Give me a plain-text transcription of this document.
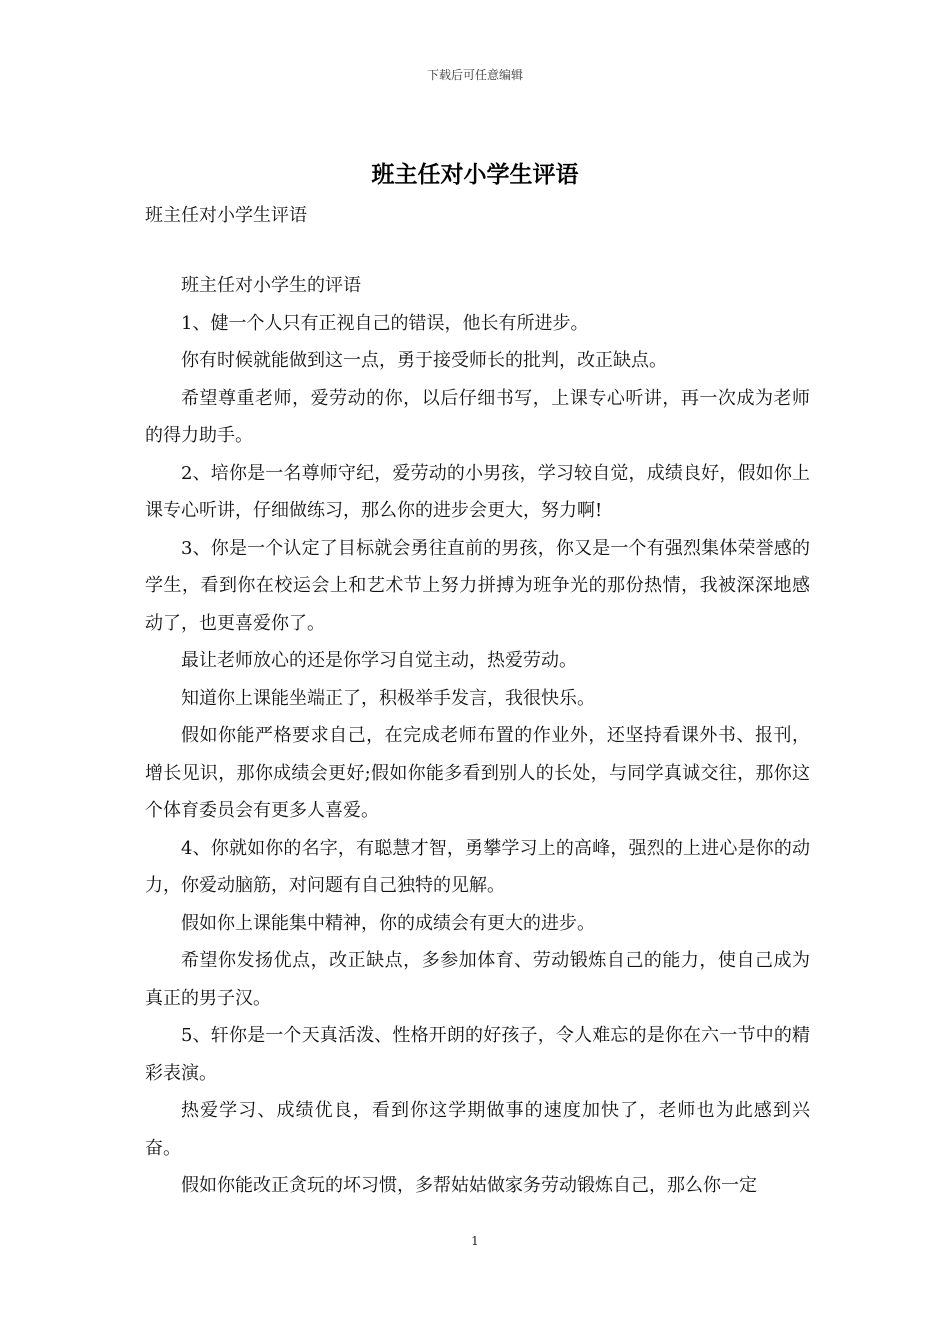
下载后可任意编辑
班主任对小学生评语
班主任对小学生评语

班主任对小学生的评语

1、健一个人只有正视自己的错误，他长有所进步。

你有时候就能做到这一点，勇于接受师长的批判，改正缺点。

希望尊重老师，爱劳动的你，以后仔细书写，上课专心听讲，再一次成为老师的得力助手。

2、培你是一名尊师守纪，爱劳动的小男孩，学习较自觉，成绩良好，假如你上课专心听讲，仔细做练习，那么你的进步会更大，努力啊!

3、你是一个认定了目标就会勇往直前的男孩，你又是一个有强烈集体荣誉感的学生，看到你在校运会上和艺术节上努力拼搏为班争光的那份热情，我被深深地感动了，也更喜爱你了。

最让老师放心的还是你学习自觉主动，热爱劳动。

知道你上课能坐端正了，积极举手发言，我很快乐。

假如你能严格要求自己，在完成老师布置的作业外，还坚持看课外书、报刊，增长见识，那你成绩会更好;假如你能多看到别人的长处，与同学真诚交往，那你这个体育委员会有更多人喜爱。

4、你就如你的名字，有聪慧才智，勇攀学习上的高峰，强烈的上进心是你的动力，你爱动脑筋，对问题有自己独特的见解。

假如你上课能集中精神，你的成绩会有更大的进步。

希望你发扬优点，改正缺点，多参加体育、劳动锻炼自己的能力，使自己成为真正的男子汉。

5、轩你是一个天真活泼、性格开朗的好孩子，令人难忘的是你在六一节中的精彩表演。

热爱学习、成绩优良，看到你这学期做事的速度加快了，老师也为此感到兴奋。

假如你能改正贪玩的坏习惯，多帮姑姑做家务劳动锻炼自己，那么你一定

1
